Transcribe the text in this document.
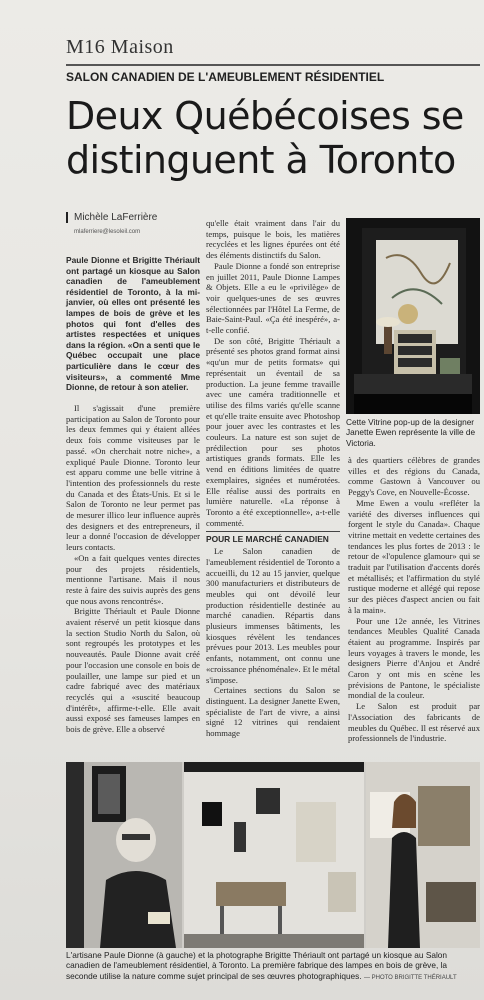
M16 Maison
SALON CANADIEN DE L'AMEUBLEMENT RÉSIDENTIEL
Deux Québécoises se distinguent à Toronto
Michèle LaFerrière
mlaferriere@lesoleil.com

Paule Dionne et Brigitte Thériault ont partagé un kiosque au Salon canadien de l'ameublement résidentiel de Toronto, à la mi-janvier, où elles ont présenté les lampes de bois de grève et les photos qui font d'elles des artistes respectées et uniques dans la région. «On a senti que le Québec occupait une place particulière dans le cœur des visiteurs», a commenté Mme Dionne, de retour à son atelier.

Il s'agissait d'une première participation au Salon de Toronto pour les deux femmes qui y étaient allées deux fois comme visiteuses par le passé. «On cherchait notre niche», a expliqué Paule Dionne. Toronto leur est apparu comme une belle vitrine à l'intention des professionnels du reste du Canada et des États-Unis. Et si le Salon de Toronto ne leur permet pas de mesurer illico leur influence auprès des designers et des entrepreneurs, il leur a donné l'occasion de développer leurs contacts.

«On a fait quelques ventes directes pour des projets résidentiels, mentionne l'artisane. Mais il nous reste à faire des suivis auprès des gens que nous avons rencontrés».

Brigitte Thériault et Paule Dionne avaient réservé un petit kiosque dans la section Studio North du Salon, où sont regroupés les prototypes et les nouveautés. Paule Dionne avait créé pour l'occasion une console en bois de poulailler, une lampe sur pied et un cadre fabriqué avec des matériaux recyclés qui a «suscité beaucoup d'intérêt», affirme-t-elle. Elle avait aussi exposé ses fameuses lampes en bois de grève. Elle a observé

qu'elle était vraiment dans l'air du temps, puisque le bois, les matières recyclées et les lignes épurées ont été des éléments distinctifs du Salon.

Paule Dionne a fondé son entreprise en juillet 2011, Paule Dionne Lampes & Objets. Elle a eu le «privilège» de voir quelques-unes de ses œuvres sélectionnées par l'Hôtel La Ferme, de Baie-Saint-Paul. «Ça été inespéré», a-t-elle confié.

De son côté, Brigitte Thériault a présenté ses photos grand format ainsi «qu'un mur de petits formats» qui représentait un éventail de sa production. La jeune femme travaille avec une caméra traditionnelle et utilise des films variés qu'elle scanne et qu'elle traite ensuite avec Photoshop pour jouer avec les contrastes et les couleurs. La nature est son sujet de prédilection pour ses photos artistiques grands formats. Elle les vend en éditions limitées de quatre exemplaires, signées et numérotées. Elle réalise aussi des portraits en lumière naturelle. «La réponse à Toronto a été exceptionnelle», a-t-elle commenté.

POUR LE MARCHÉ CANADIEN

Le Salon canadien de l'ameublement résidentiel de Toronto a accueilli, du 12 au 15 janvier, quelque 300 manufacturiers et distributeurs de meubles qui ont dévoilé leur production résidentielle destinée au marché canadien. Répartis dans plusieurs immenses bâtiments, les kiosques révèlent les tendances prévues pour 2013. Les meubles pour enfants, notamment, ont connu une «croissance phénoménale». Et le métal s'impose.

Certaines sections du Salon se distinguent. La designer Janette Ewen, spécialiste de l'art de vivre, a ainsi signé 12 vitrines qui rendaient hommage

Cette Vitrine pop-up de la designer Janette Ewen représente la ville de Victoria.

à des quartiers célèbres de grandes villes et des régions du Canada, comme Gastown à Vancouver ou Peggy's Cove, en Nouvelle-Écosse.

Mme Ewen a voulu «refléter la variété des diverses influences qui forgent le style du Canada». Chaque vitrine mettait en vedette certaines des tendances les plus fortes de 2013 : le retour de «l'opulence glamour» qui se traduit par l'utilisation d'accents dorés et métallisés; et l'affirmation du stylé rustique moderne et allégé qui repose sur des pièces d'aspect ancien ou fait à la main».

Pour une 12e année, les Vitrines tendances Meubles Qualité Canada étaient au programme. Inspirés par leurs voyages à travers le monde, les designers Pierre d'Anjou et André Caron y ont mis en scène les prévisions de Pantone, le spécialiste mondial de la couleur.

Le Salon est produit par l'Association des fabricants de meubles du Québec. Il est réservé aux professionnels de l'industrie.

L'artisane Paule Dionne (à gauche) et la photographe Brigitte Thériault ont partagé un kiosque au Salon canadien de l'ameublement résidentiel, à Toronto. La première fabrique des lampes en bois de grève, la seconde utilise la nature comme sujet principal de ses œuvres photographiques. — PHOTO BRIGITTE THÉRIAULT
